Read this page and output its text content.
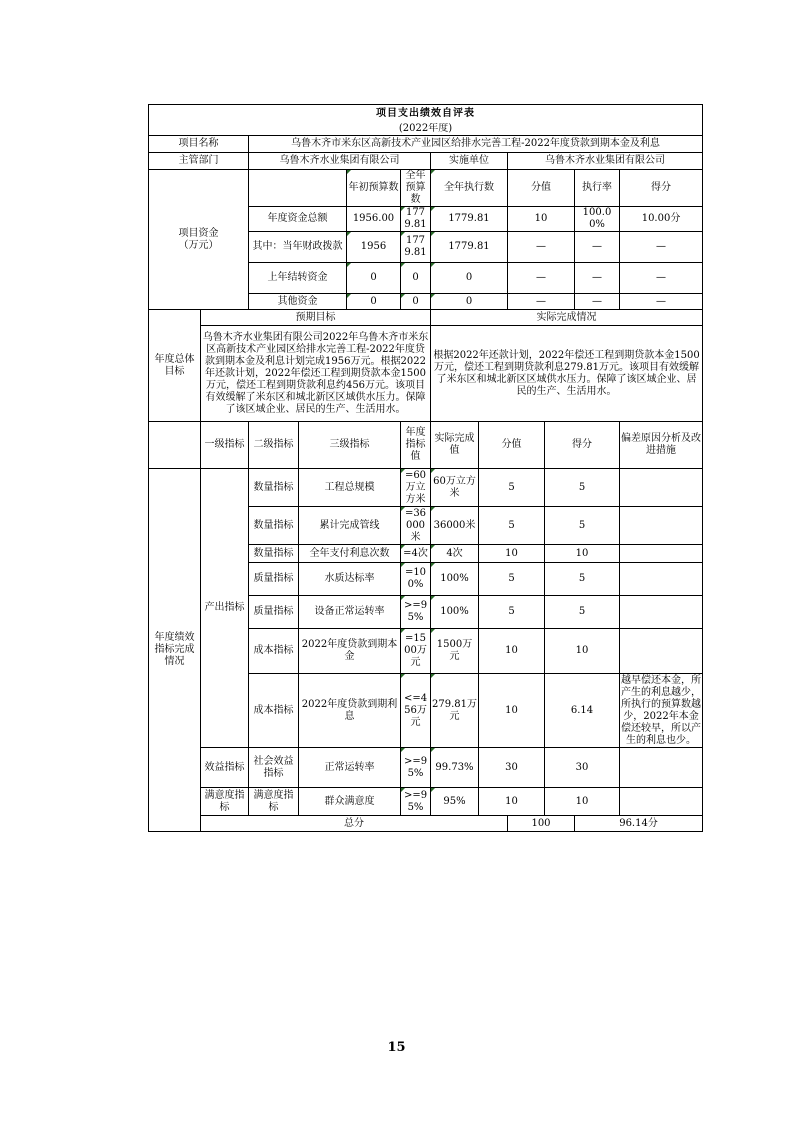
项目支出绩效自评表												
(2022年度)												
项目名称		乌鲁木齐市米东区高新技术产业园区给排水完善工程-2022年度贷款到期本金及利息										
主管部门		乌鲁木齐水业集团有限公司				实施单位		乌鲁木齐水业集团有限公司				
项目资金
（万元）				年初预算数	全年预算数	全年执行数		分值		执行率	得分	
		年度资金总额		1956.00	1779.81	1779.81		10		100.00%	10.00分	
		其中：当年财政拨款		1956	1779.81	1779.81		—		—	—	
		上年结转资金		0	0	0		—		—	—	
		其他资金		0	0	0		—		—	—	
年度总体目标	预期目标					实际完成情况						
	乌鲁木齐水业集团有限公司2022年乌鲁木齐市米东区高新技术产业园区给排水完善工程-2022年度贷款到期本金及利息计划完成1956万元。根据2022年还款计划，2022年偿还工程到期贷款本金1500万元，偿还工程到期贷款利息约456万元。该项目有效缓解了米东区和城北新区区域供水压力。保障了该区域企业、居民的生产、生活用水。					根据2022年还款计划，2022年偿还工程到期贷款本金1500万元，偿还工程到期贷款利息279.81万元。该项目有效缓解了米东区和城北新区区域供水压力。保障了该区域企业、居民的生产、生活用水。						
	一级指标	二级指标	三级指标		年度指标值	实际完成值	分值		得分		偏差原因分析及改进措施	
年度绩效指标完成情况	产出指标	数量指标	工程总规模		=60万立方米	60万立方米	5		5			
		数量指标	累计完成管线		=36000米	36000米	5		5			
		数量指标	全年支付利息次数		=4次	4次	10		10			
		质量指标	水质达标率		=100%	100%	5		5			
		质量指标	设备正常运转率		>=95%	100%	5		5			
		成本指标	2022年度贷款到期本金		=1500万元	1500万元	10		10			
		成本指标	2022年度贷款到期利息		<=456万元	279.81万元	10		6.14		越早偿还本金，所产生的利息越少，所执行的预算数越少，2022年本金偿还较早，所以产生的利息也少。	
	效益指标	社会效益指标	正常运转率		>=95%	99.73%	30		30			
	满意度指标	满意度指标	群众满意度		>=95%	95%	10		10			
	总分							100		96.14分		
15
